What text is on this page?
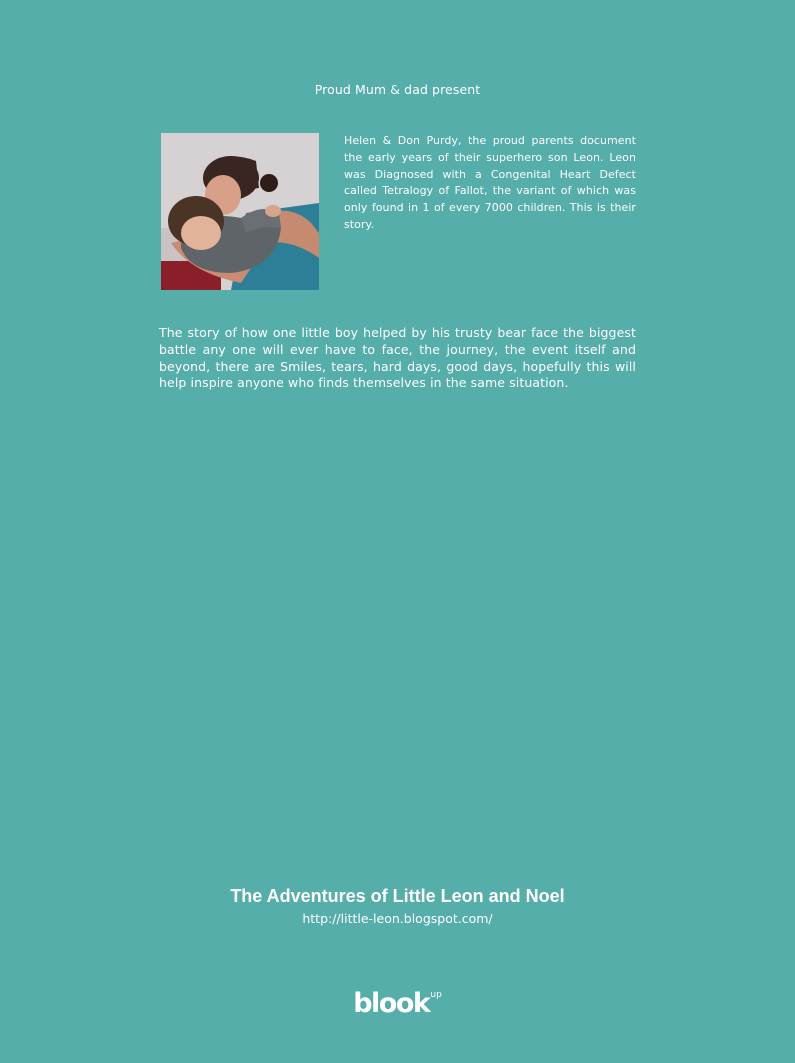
Proud Mum & dad present
Helen & Don Purdy, the proud parents document the early years of their superhero son Leon. Leon was Diagnosed with a Congenital Heart Defect called Tetralogy of Fallot, the variant of which was only found in 1 of every 7000 children. This is their story.
The story of how one little boy helped by his trusty bear face the biggest battle any one will ever have to face, the journey, the event itself and beyond, there are Smiles, tears, hard days, good days, hopefully this will help inspire anyone who finds themselves in the same situation.
The Adventures of Little Leon and Noel
http://little-leon.blogspot.com/
blook$^{up}$
